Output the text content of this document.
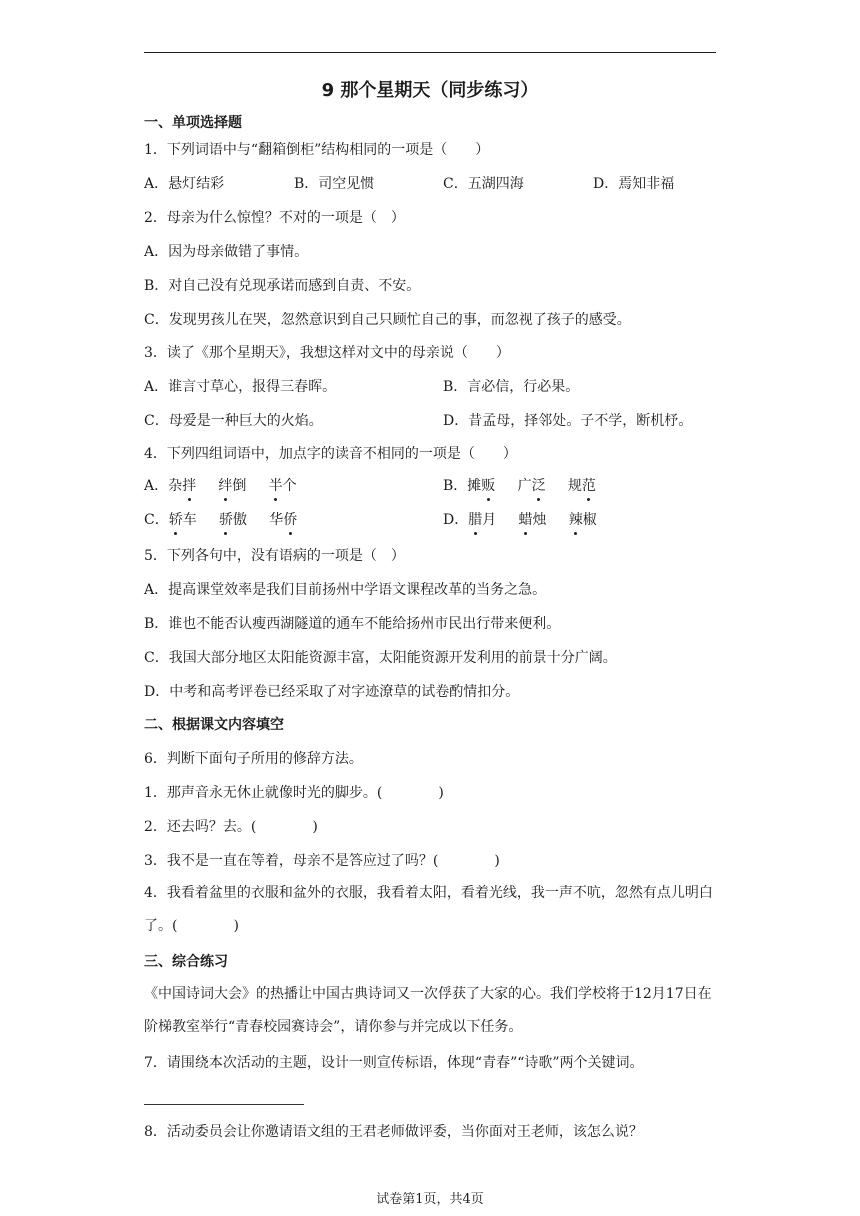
9 那个星期天（同步练习）
一、单项选择题
1．下列词语中与“翻箱倒柜”结构相同的一项是（　　）
A．悬灯结彩	B．司空见惯	C．五湖四海	D．焉知非福
2．母亲为什么惊惶？不对的一项是（　）
A．因为母亲做错了事情。
B．对自己没有兑现承诺而感到自责、不安。
C．发现男孩儿在哭，忽然意识到自己只顾忙自己的事，而忽视了孩子的感受。
3．读了《那个星期天》，我想这样对文中的母亲说（　　）
A．谁言寸草心，报得三春晖。	B．言必信，行必果。
C．母爱是一种巨大的火焰。	D．昔孟母，择邻处。子不学，断机杼。
4．下列四组词语中，加点字的读音不相同的一项是（　　）
A．杂拌 绊倒 半个	B．摊贩 广泛 规范
C．轿车 骄傲 华侨	D．腊月 蜡烛 辣椒
5．下列各句中，没有语病的一项是（　）
A．提高课堂效率是我们目前扬州中学语文课程改革的当务之急。
B．谁也不能否认瘦西湖隧道的通车不能给扬州市民出行带来便利。
C．我国大部分地区太阳能资源丰富，太阳能资源开发利用的前景十分广阔。
D．中考和高考评卷已经采取了对字迹潦草的试卷酌情扣分。
二、根据课文内容填空
6．判断下面句子所用的修辞方法。
1．那声音永无休止就像时光的脚步。(　　　　)
2．还去吗？去。(　　　　)
3．我不是一直在等着，母亲不是答应过了吗？(　　　　)
4．我看着盆里的衣服和盆外的衣服，我看着太阳，看着光线，我一声不吭，忽然有点儿明白了。(　　　　)
三、综合练习
《中国诗词大会》的热播让中国古典诗词又一次俘获了大家的心。我们学校将于12月17日在阶梯教室举行“青春校园赛诗会”，请你参与并完成以下任务。
7．请围绕本次活动的主题，设计一则宣传标语，体现“青春”“诗歌”两个关键词。
8．活动委员会让你邀请语文组的王君老师做评委，当你面对王老师，该怎么说？
试卷第1页，共4页
